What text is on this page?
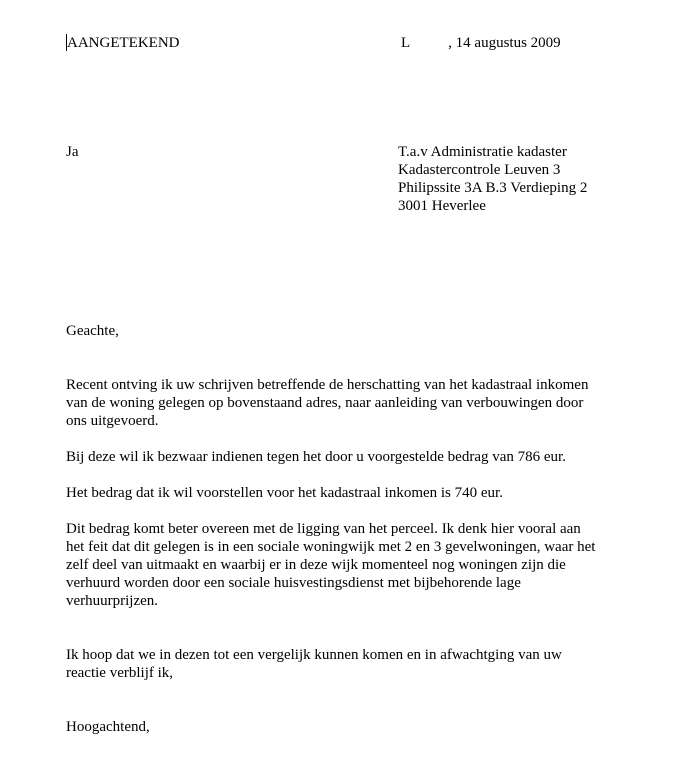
AANGETEKEND	L	, 14 augustus 2009
Ja	T.a.v Administratie kadaster
Kadastercontrole Leuven 3
Philipssite 3A B.3 Verdieping 2
3001 Heverlee
Geachte,
Recent ontving ik uw schrijven betreffende de herschatting van het kadastraal inkomen
van de woning gelegen op bovenstaand adres, naar aanleiding van verbouwingen door
ons uitgevoerd.
Bij deze wil ik bezwaar indienen tegen het door u voorgestelde bedrag van 786 eur.
Het bedrag dat ik wil voorstellen voor het kadastraal inkomen is 740 eur.
Dit bedrag komt beter overeen met de ligging van het perceel. Ik denk hier vooral aan
het feit dat dit gelegen is in een sociale woningwijk met 2 en 3 gevelwoningen, waar het
zelf deel van uitmaakt en waarbij er in deze wijk momenteel nog woningen zijn die
verhuurd worden door een sociale huisvestingsdienst met bijbehorende lage
verhuurprijzen.
Ik hoop dat we in dezen tot een vergelijk kunnen komen en in afwachtging van uw
reactie verblijf ik,
Hoogachtend,
